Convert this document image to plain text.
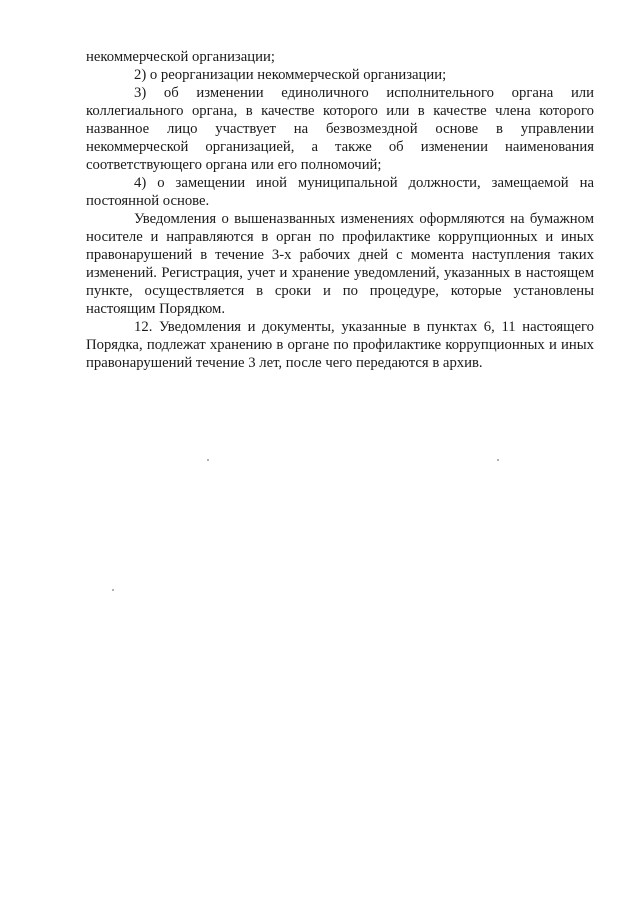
некоммерческой организации;

2) о реорганизации некоммерческой организации;

3) об изменении единоличного исполнительного органа или коллегиального органа, в качестве которого или в качестве члена которого названное лицо участвует на безвозмездной основе в управлении некоммерческой организацией, а также об изменении наименования соответствующего органа или его полномочий;

4) о замещении иной муниципальной должности, замещаемой на постоянной основе.

Уведомления о вышеназванных изменениях оформляются на бумажном носителе и направляются в орган по профилактике коррупционных и иных правонарушений в течение 3-х рабочих дней с момента наступления таких изменений. Регистрация, учет и хранение уведомлений, указанных в настоящем пункте, осуществляется в сроки и по процедуре, которые установлены настоящим Порядком.

12. Уведомления и документы, указанные в пунктах 6, 11 настоящего Порядка, подлежат хранению в органе по профилактике коррупционных и иных правонарушений течение 3 лет, после чего передаются в архив.
